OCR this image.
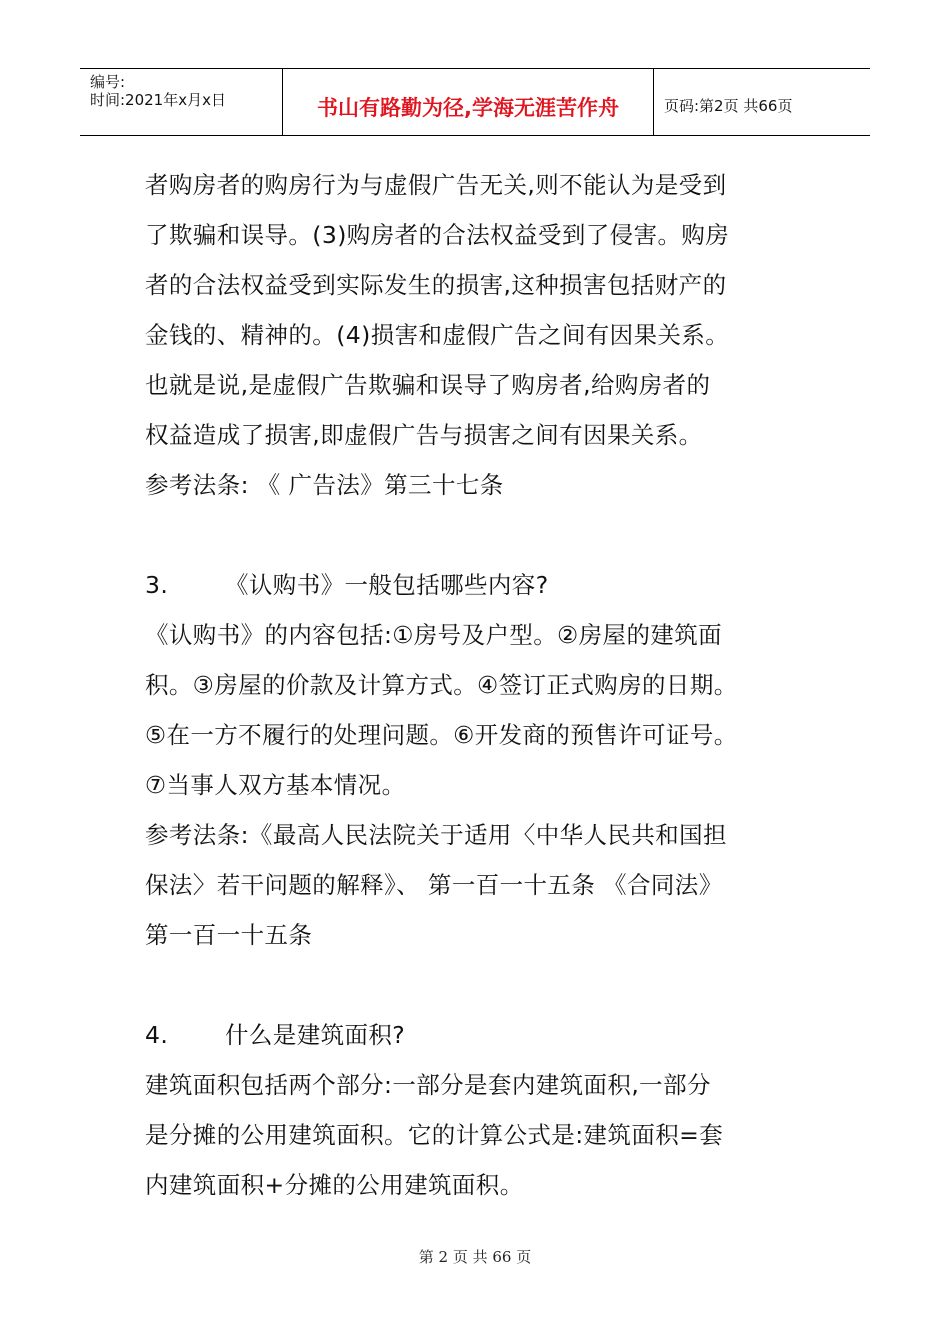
编号:
时间:2021年x月x日	书山有路勤为径,学海无涯苦作舟	页码:第2页 共66页
者购房者的购房行为与虚假广告无关,则不能认为是受到
了欺骗和误导。(3)购房者的合法权益受到了侵害。购房
者的合法权益受到实际发生的损害,这种损害包括财产的
金钱的、精神的。(4)损害和虚假广告之间有因果关系。
也就是说,是虚假广告欺骗和误导了购房者,给购房者的
权益造成了损害,即虚假广告与损害之间有因果关系。
参考法条: 《 广告法》第三十七条
3. 《认购书》一般包括哪些内容?
《认购书》的内容包括:①房号及户型。②房屋的建筑面
积。③房屋的价款及计算方式。④签订正式购房的日期。
⑤在一方不履行的处理问题。⑥开发商的预售许可证号。
⑦当事人双方基本情况。
参考法条:《最高人民法院关于适用〈中华人民共和国担
保法〉若干问题的解释》、 第一百一十五条 《合同法》
第一百一十五条
4. 什么是建筑面积?
建筑面积包括两个部分:一部分是套内建筑面积,一部分
是分摊的公用建筑面积。它的计算公式是:建筑面积=套
内建筑面积+分摊的公用建筑面积。
第 2 页 共 66 页
